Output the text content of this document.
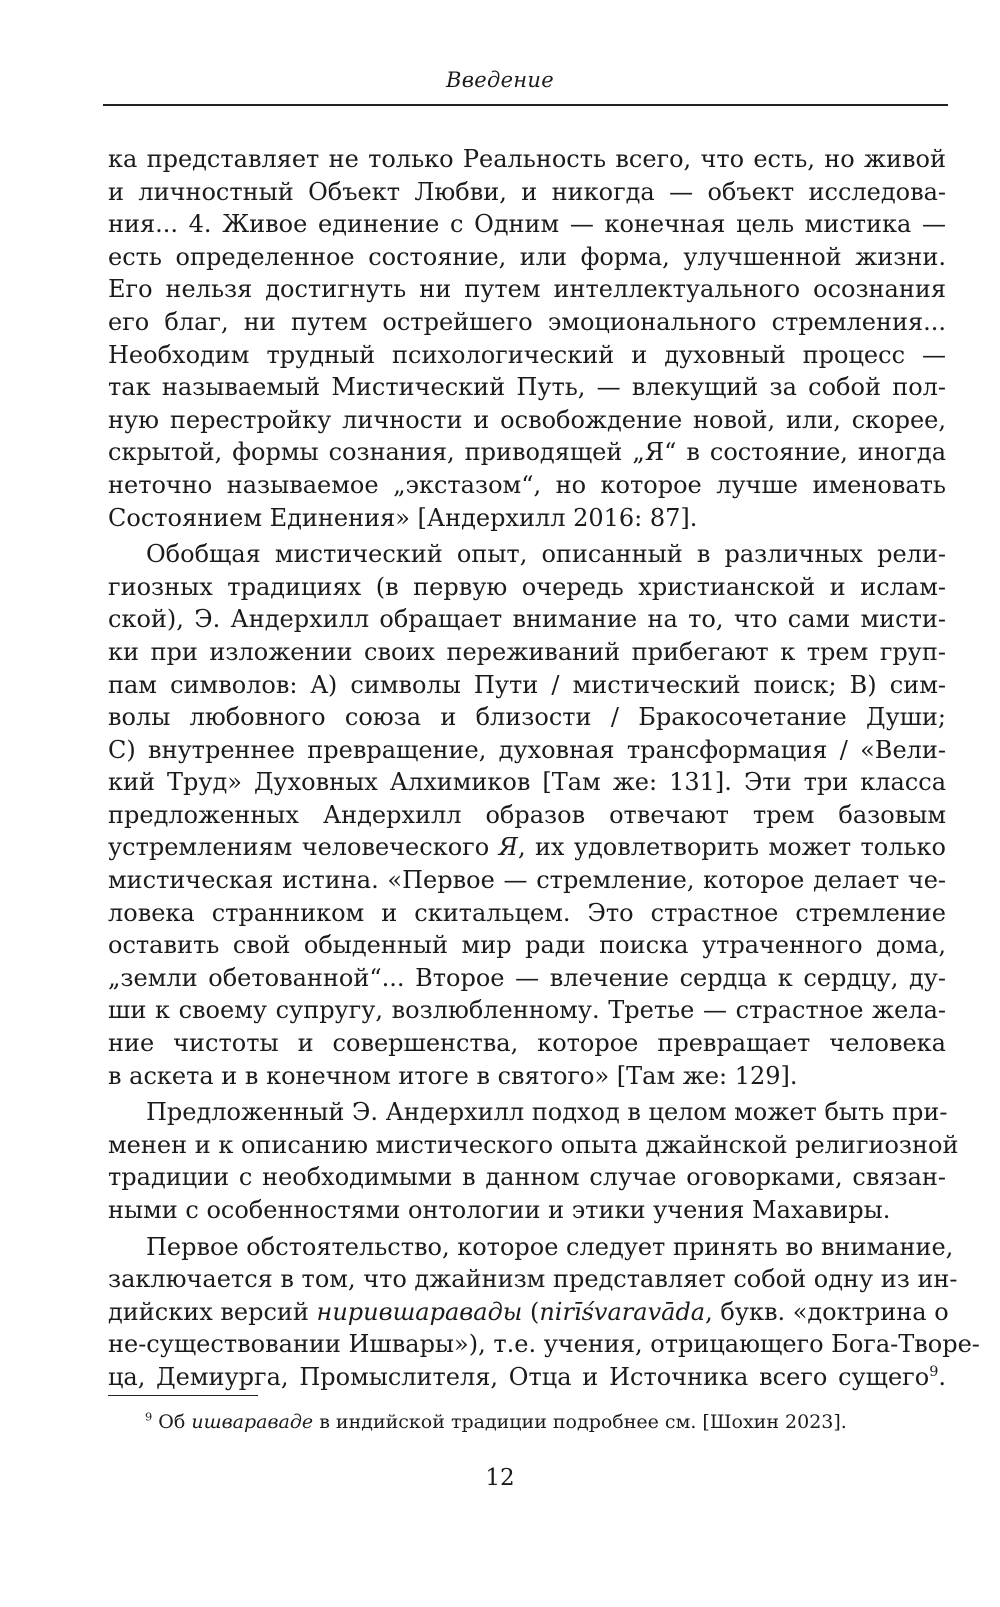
Введение
ка представляет не только Реальность всего, что есть, но живой
и личностный Объект Любви, и никогда — объект исследова-
ния... 4. Живое единение с Одним — конечная цель мистика —
есть определенное состояние, или форма, улучшенной жизни.
Его нельзя достигнуть ни путем интеллектуального осознания
его благ, ни путем острейшего эмоционального стремления...
Необходим трудный психологический и духовный процесс —
так называемый Мистический Путь, — влекущий за собой пол-
ную перестройку личности и освобождение новой, или, скорее,
скрытой, формы сознания, приводящей „Я“ в состояние, иногда
неточно называемое „экстазом“, но которое лучше именовать
Состоянием Единения» [Андерхилл 2016: 87].
Обобщая мистический опыт, описанный в различных рели-
гиозных традициях (в первую очередь христианской и ислам-
ской), Э. Андерхилл обращает внимание на то, что сами мисти-
ки при изложении своих переживаний прибегают к трем груп-
пам символов: A) символы Пути / мистический поиск; B) сим-
волы любовного союза и близости / Бракосочетание Души;
C) внутреннее превращение, духовная трансформация / «Вели-
кий Труд» Духовных Алхимиков [Там же: 131]. Эти три класса
предложенных Андерхилл образов отвечают трем базовым
устремлениям человеческого Я, их удовлетворить может только
мистическая истина. «Первое — стремление, которое делает че-
ловека странником и скитальцем. Это страстное стремление
оставить свой обыденный мир ради поиска утраченного дома,
„земли обетованной“... Второе — влечение сердца к сердцу, ду-
ши к своему супругу, возлюбленному. Третье — страстное жела-
ние чистоты и совершенства, которое превращает человека
в аскета и в конечном итоге в святого» [Там же: 129].
Предложенный Э. Андерхилл подход в целом может быть при-
менен и к описанию мистического опыта джайнской религиозной
традиции с необходимыми в данном случае оговорками, связан-
ными с особенностями онтологии и этики учения Махавиры.
Первое обстоятельство, которое следует принять во внимание,
заключается в том, что джайнизм представляет собой одну из ин-
дийских версий нирившаравады (nirīśvaravāda, букв. «доктрина о
не-существовании Ишвары»), т.е. учения, отрицающего Бога-Творе-
ца, Демиурга, Промыслителя, Отца и Источника всего сущего$^9$.
$^9$ Об ишвараваде в индийской традиции подробнее см. [Шохин 2023].
12
